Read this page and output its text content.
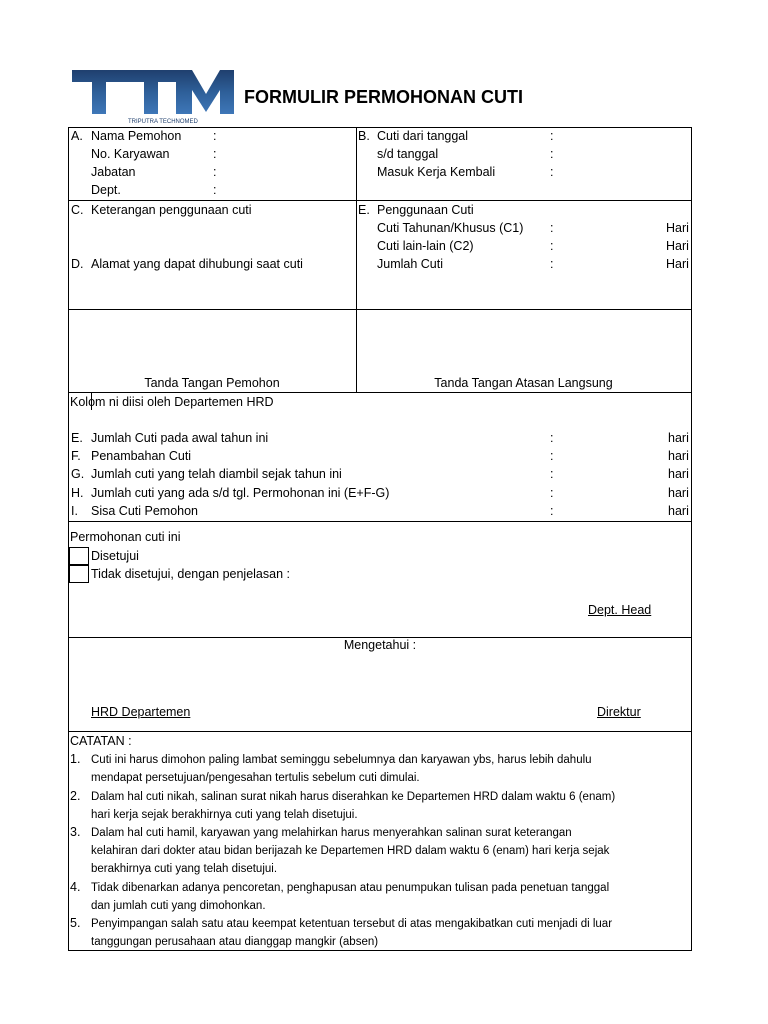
TRIPUTRA TECHNOMED
FORMULIR PERMOHONAN CUTI
A. Nama Pemohon	:
No. Karyawan	:
Jabatan	:
Dept.	:
B. Cuti dari tanggal	:
s/d tanggal	:
Masuk Kerja Kembali	:
C. Keterangan penggunaan cuti
D. Alamat yang dapat dihubungi saat cuti
E. Penggunaan Cuti
Cuti Tahunan/Khusus (C1) :	Hari
Cuti lain-lain (C2)	:	Hari
Jumlah Cuti	:	Hari
Tanda Tangan Pemohon	Tanda Tangan Atasan Langsung
Kolom ni diisi oleh Departemen HRD
E. Jumlah Cuti pada awal tahun ini	:	hari
F. Penambahan Cuti	:	hari
G. Jumlah cuti yang telah diambil sejak tahun ini	:	hari
H. Jumlah cuti yang ada s/d tgl. Permohonan ini (E+F-G)	:	hari
I. Sisa Cuti Pemohon	:	hari
Permohonan cuti ini
Disetujui
Tidak disetujui, dengan penjelasan :
Dept. Head
Mengetahui :
HRD Departemen	Direktur
CATATAN :
1. Cuti ini harus dimohon paling lambat seminggu sebelumnya dan karyawan ybs, harus lebih dahulu
mendapat persetujuan/pengesahan tertulis sebelum cuti dimulai.
2. Dalam hal cuti nikah, salinan surat nikah harus diserahkan ke Departemen HRD dalam waktu 6 (enam)
hari kerja sejak berakhirnya cuti yang telah disetujui.
3. Dalam hal cuti hamil, karyawan yang melahirkan harus menyerahkan salinan surat keterangan
kelahiran dari dokter atau bidan berijazah ke Departemen HRD dalam waktu 6 (enam) hari kerja sejak
berakhirnya cuti yang telah disetujui.
4. Tidak dibenarkan adanya pencoretan, penghapusan atau penumpukan tulisan pada penetuan tanggal
dan jumlah cuti yang dimohonkan.
5. Penyimpangan salah satu atau keempat ketentuan tersebut di atas mengakibatkan cuti menjadi di luar
tanggungan perusahaan atau dianggap mangkir (absen)
